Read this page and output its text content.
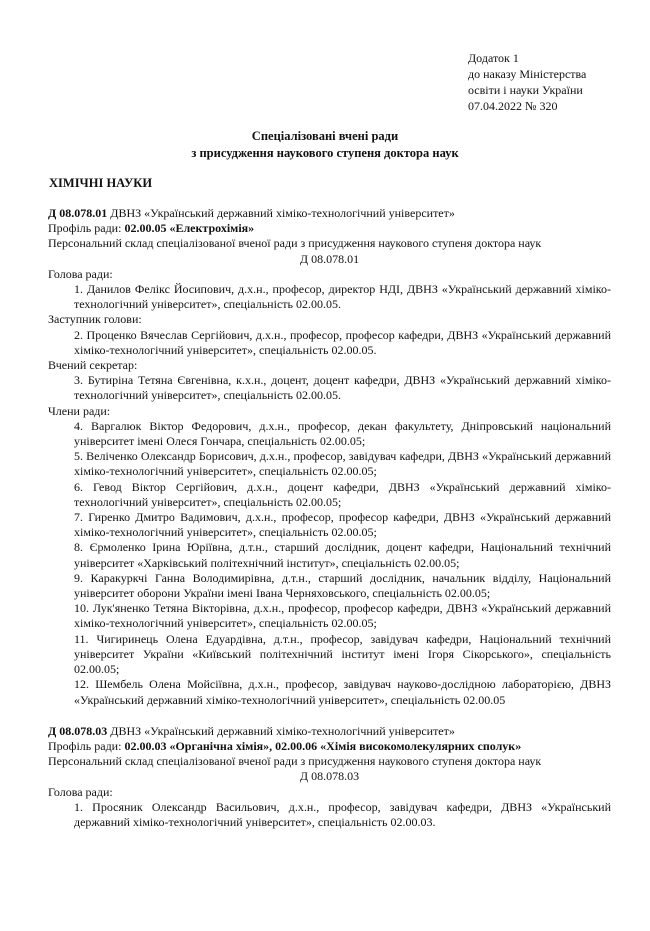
Додаток 1
до наказу Міністерства
освіти і науки України
07.04.2022 № 320
Спеціалізовані вчені ради
з присудження наукового ступеня доктора наук
ХІМІЧНІ НАУКИ

Д 08.078.01 ДВНЗ «Український державний хіміко-технологічний університет»

Профіль ради: 02.00.05 «Електрохімія»

Персональний склад спеціалізованої вченої ради з присудження наукового ступеня доктора наук

Д 08.078.01

Голова ради:

1. Данилов Фелікс Йосипович, д.х.н., професор, директор НДІ, ДВНЗ «Український державний хіміко-технологічний університет», спеціальність 02.00.05.

Заступник голови:

2. Проценко Вячеслав Сергійович, д.х.н., професор, професор кафедри, ДВНЗ «Український державний хіміко-технологічний університет», спеціальність 02.00.05.

Вчений секретар:

3. Бутиріна Тетяна Євгенівна, к.х.н., доцент, доцент кафедри, ДВНЗ «Український державний хіміко-технологічний університет», спеціальність 02.00.05.

Члени ради:

4. Варгалюк Віктор Федорович, д.х.н., професор, декан факультету, Дніпровський національний університет імені Олеся Гончара, спеціальність 02.00.05;

5. Веліченко Олександр Борисович, д.х.н., професор, завідувач кафедри, ДВНЗ «Український державний хіміко-технологічний університет», спеціальність 02.00.05;

6. Гевод Віктор Сергійович, д.х.н., доцент кафедри, ДВНЗ «Український державний хіміко-технологічний університет», спеціальність 02.00.05;

7. Гиренко Дмитро Вадимович, д.х.н., професор, професор кафедри, ДВНЗ «Український державний хіміко-технологічний університет», спеціальність 02.00.05;

8. Єрмоленко Ірина Юріївна, д.т.н., старший дослідник, доцент кафедри, Національний технічний університет «Харківський політехнічний інститут», спеціальність 02.00.05;

9. Каракуркчі Ганна Володимирівна, д.т.н., старший дослідник, начальник відділу, Національний університет оборони України імені Івана Черняховського, спеціальність 02.00.05;

10. Лук'яненко Тетяна Вікторівна, д.х.н., професор, професор кафедри, ДВНЗ «Український державний хіміко-технологічний університет», спеціальність 02.00.05;

11. Чигиринець Олена Едуардівна, д.т.н., професор, завідувач кафедри, Національний технічний університет України «Київський політехнічний інститут імені Ігоря Сікорського», спеціальність 02.00.05;

12. Шембель Олена Мойсіївна, д.х.н., професор, завідувач науково-дослідною лабораторією, ДВНЗ «Український державний хіміко-технологічний університет», спеціальність 02.00.05

Д 08.078.03 ДВНЗ «Український державний хіміко-технологічний університет»

Профіль ради: 02.00.03 «Органічна хімія», 02.00.06 «Хімія високомолекулярних сполук»

Персональний склад спеціалізованої вченої ради з присудження наукового ступеня доктора наук

Д 08.078.03

Голова ради:

1. Просяник Олександр Васильович, д.х.н., професор, завідувач кафедри, ДВНЗ «Український державний хіміко-технологічний університет», спеціальність 02.00.03.
